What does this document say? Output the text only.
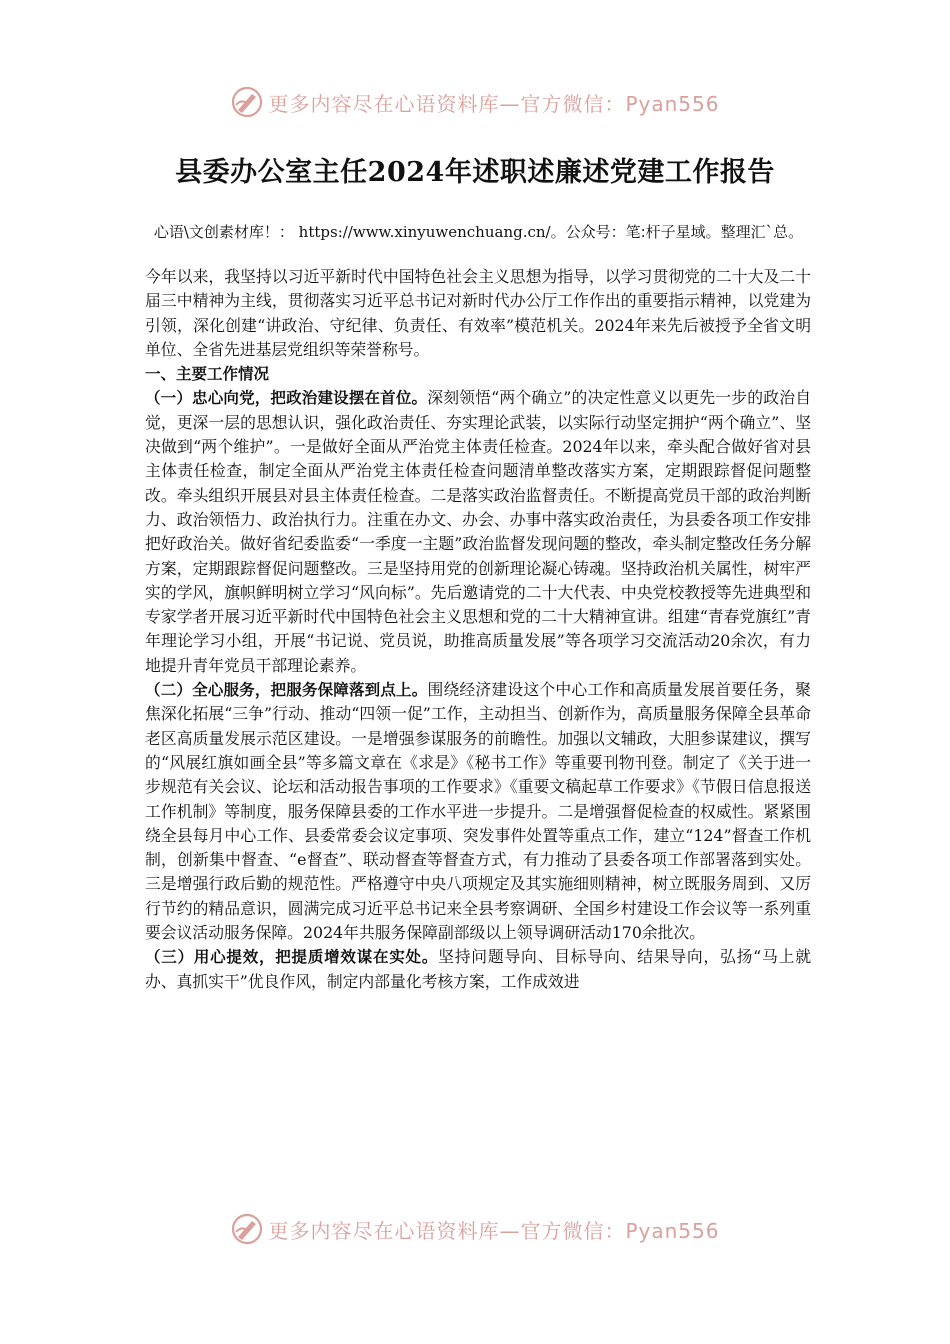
更多内容尽在心语资料库—官方微信：Pyan556
县委办公室主任2024年述职述廉述党建工作报告
心语\文创素材库！： https://www.xinyuwenchuang.cn/。公众号：笔:杆子星域。整理汇`总。

今年以来，我坚持以习近平新时代中国特色社会主义思想为指导，以学习贯彻党的二十大及二十届三中精神为主线，贯彻落实习近平总书记对新时代办公厅工作作出的重要指示精神，以党建为引领，深化创建“讲政治、守纪律、负责任、有效率”模范机关。2024年来先后被授予全省文明单位、全省先进基层党组织等荣誉称号。

一、主要工作情况

（一）忠心向党，把政治建设摆在首位。深刻领悟“两个确立”的决定性意义以更先一步的政治自觉，更深一层的思想认识，强化政治责任、夯实理论武装，以实际行动坚定拥护“两个确立”、坚决做到“两个维护”。一是做好全面从严治党主体责任检查。2024年以来，牵头配合做好省对县主体责任检查，制定全面从严治党主体责任检查问题清单整改落实方案，定期跟踪督促问题整改。牵头组织开展县对县主体责任检查。二是落实政治监督责任。不断提高党员干部的政治判断力、政治领悟力、政治执行力。注重在办文、办会、办事中落实政治责任，为县委各项工作安排把好政治关。做好省纪委监委“一季度一主题”政治监督发现问题的整改，牵头制定整改任务分解方案，定期跟踪督促问题整改。三是坚持用党的创新理论凝心铸魂。坚持政治机关属性，树牢严实的学风，旗帜鲜明树立学习“风向标”。先后邀请党的二十大代表、中央党校教授等先进典型和专家学者开展习近平新时代中国特色社会主义思想和党的二十大精神宣讲。组建“青春党旗红”青年理论学习小组，开展“书记说、党员说，助推高质量发展”等各项学习交流活动20余次，有力地提升青年党员干部理论素养。

（二）全心服务，把服务保障落到点上。围绕经济建设这个中心工作和高质量发展首要任务，聚焦深化拓展“三争”行动、推动“四领一促”工作，主动担当、创新作为，高质量服务保障全县革命老区高质量发展示范区建设。一是增强参谋服务的前瞻性。加强以文辅政，大胆参谋建议，撰写的“风展红旗如画全县”等多篇文章在《求是》《秘书工作》等重要刊物刊登。制定了《关于进一步规范有关会议、论坛和活动报告事项的工作要求》《重要文稿起草工作要求》《节假日信息报送工作机制》等制度，服务保障县委的工作水平进一步提升。二是增强督促检查的权威性。紧紧围绕全县每月中心工作、县委常委会议定事项、突发事件处置等重点工作，建立“124”督查工作机制，创新集中督查、“e督查”、联动督查等督查方式，有力推动了县委各项工作部署落到实处。三是增强行政后勤的规范性。严格遵守中央八项规定及其实施细则精神，树立既服务周到、又厉行节约的精品意识，圆满完成习近平总书记来全县考察调研、全国乡村建设工作会议等一系列重要会议活动服务保障。2024年共服务保障副部级以上领导调研活动170余批次。

（三）用心提效，把提质增效谋在实处。坚持问题导向、目标导向、结果导向，弘扬“马上就办、真抓实干”优良作风，制定内部量化考核方案，工作成效进

更多内容尽在心语资料库—官方微信：Pyan556
